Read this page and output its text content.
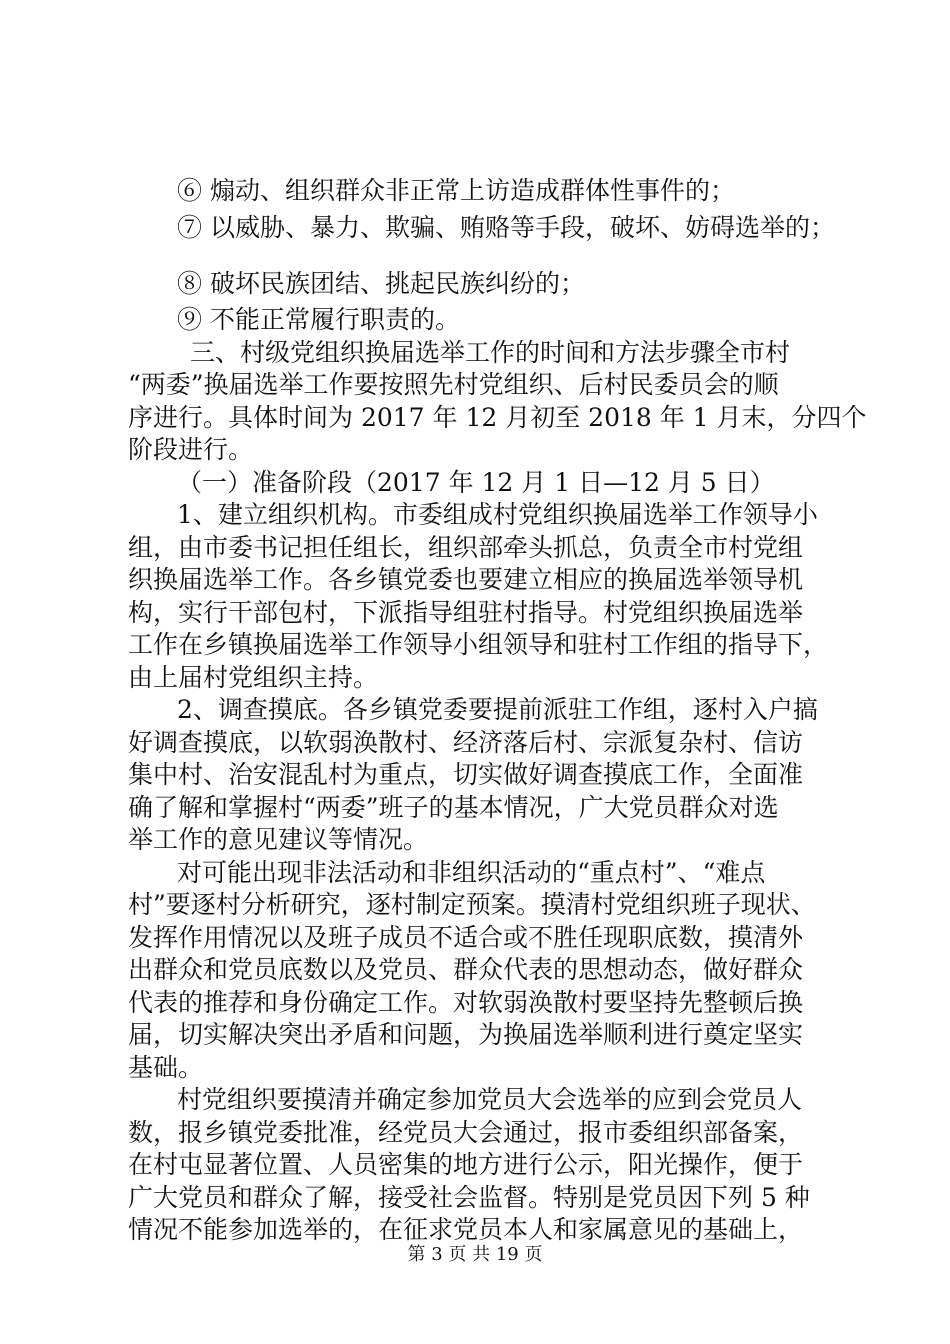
⑥ 煽动、组织群众非正常上访造成群体性事件的；
⑦ 以威胁、暴力、欺骗、贿赂等手段，破坏、妨碍选举的；
⑧ 破坏民族团结、挑起民族纠纷的；
⑨ 不能正常履行职责的。
三、村级党组织换届选举工作的时间和方法步骤全市村
“两委”换届选举工作要按照先村党组织、后村民委员会的顺
序进行。具体时间为 2017 年 12 月初至 2018 年 1 月末，分四个
阶段进行。
（一）准备阶段（2017 年 12 月 1 日—12 月 5 日）
1、建立组织机构。市委组成村党组织换届选举工作领导小
组，由市委书记担任组长，组织部牵头抓总，负责全市村党组
织换届选举工作。各乡镇党委也要建立相应的换届选举领导机
构，实行干部包村，下派指导组驻村指导。村党组织换届选举
工作在乡镇换届选举工作领导小组领导和驻村工作组的指导下，
由上届村党组织主持。
2、调查摸底。各乡镇党委要提前派驻工作组，逐村入户搞
好调查摸底，以软弱涣散村、经济落后村、宗派复杂村、信访
集中村、治安混乱村为重点，切实做好调查摸底工作，全面准
确了解和掌握村“两委”班子的基本情况，广大党员群众对选
举工作的意见建议等情况。
对可能出现非法活动和非组织活动的“重点村”、“难点
村”要逐村分析研究，逐村制定预案。摸清村党组织班子现状、
发挥作用情况以及班子成员不适合或不胜任现职底数，摸清外
出群众和党员底数以及党员、群众代表的思想动态，做好群众
代表的推荐和身份确定工作。对软弱涣散村要坚持先整顿后换
届，切实解决突出矛盾和问题，为换届选举顺利进行奠定坚实
基础。
村党组织要摸清并确定参加党员大会选举的应到会党员人
数，报乡镇党委批准，经党员大会通过，报市委组织部备案，
在村屯显著位置、人员密集的地方进行公示，阳光操作，便于
广大党员和群众了解，接受社会监督。特别是党员因下列 5 种
情况不能参加选举的，在征求党员本人和家属意见的基础上，
第 3 页 共 19 页
